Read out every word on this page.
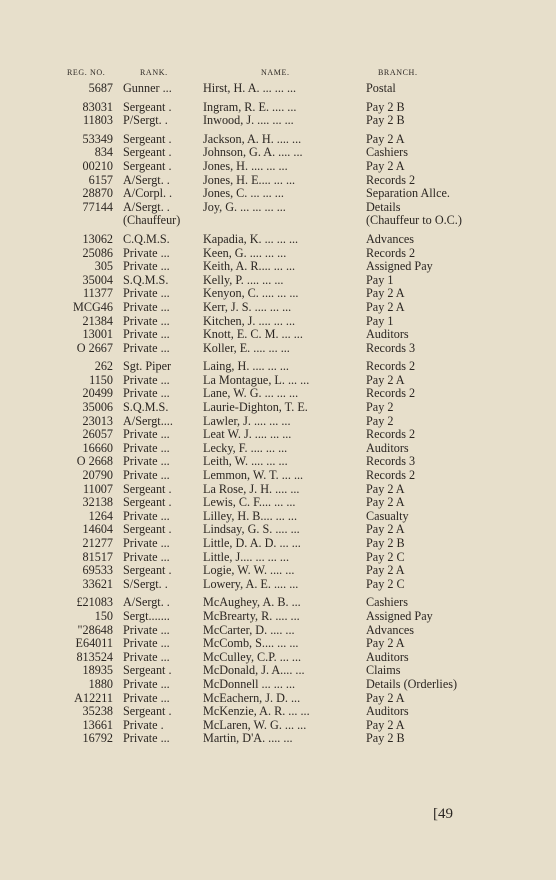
REG. NO.	RANK.	NAME.	BRANCH.
5687 Gunner ...	Hirst, H. A. ... ... ...	Postal
83031 Sergeant .	Ingram, R. E. .... ...	Pay 2 B
11803 P/Sergt. .	Inwood, J. .... ... ...	Pay 2 B
53349 Sergeant .	Jackson, A. H. .... ...	Pay 2 A
834 Sergeant .	Johnson, G. A. .... ...	Cashiers
00210 Sergeant .	Jones, H. .... ... ...	Pay 2 A
6157 A/Sergt. .	Jones, H. E.... ... ...	Records 2
28870 A/Corpl. .	Jones, C. ... ... ...	Separation Allce.
77144 A/Sergt. .	Joy, G. ... ... ... ...	Details
(Chauffeur)	(Chauffeur to O.C.)
13062 C.Q.M.S.	Kapadia, K. ... ... ...	Advances
25086 Private ...	Keen, G. .... ... ...	Records 2
305 Private ...	Keith, A. R.... ... ...	Assigned Pay
35004 S.Q.M.S.	Kelly, P. .... ... ...	Pay 1
11377 Private ...	Kenyon, C. .... ... ...	Pay 2 A
MCG46 Private ...	Kerr, J. S. .... ... ...	Pay 2 A
21384 Private ...	Kitchen, J. .... ... ...	Pay 1
13001 Private ...	Knott, E. C. M. ... ...	Auditors
O 2667 Private ...	Koller, E. .... ... ...	Records 3
262 Sgt. Piper	Laing, H. .... ... ...	Records 2
1150 Private ...	La Montague, L. ... ...	Pay 2 A
20499 Private ...	Lane, W. G. ... ... ...	Records 2
35006 S.Q.M.S.	Laurie-Dighton, T. E.	Pay 2
23013 A/Sergt.... Lawler, J. .... ... ...	Pay 2
26057 Private ...	Leat W. J. .... ... ...	Records 2
16660 Private ...	Lecky, F. .... ... ...	Auditors
O 2668 Private ...	Leith, W. .... ... ...	Records 3
20790 Private ...	Lemmon, W. T. ... ...	Records 2
11007 Sergeant .	La Rose, J. H. .... ...	Pay 2 A
32138 Sergeant .	Lewis, C. F.... ... ...	Pay 2 A
1264 Private ...	Lilley, H. B.... ... ...	Casualty
14604 Sergeant .	Lindsay, G. S. .... ...	Pay 2 A
21277 Private ...	Little, D. A. D. ... ...	Pay 2 B
81517 Private ...	Little, J.... ... ... ...	Pay 2 C
69533 Sergeant .	Logie, W. W. .... ...	Pay 2 A
33621 S/Sergt. .	Lowery, A. E. .... ...	Pay 2 C
£21083 A/Sergt. .	McAughey, A. B. ...	Cashiers
150 Sergt.......	McBrearty, R. .... ...	Assigned Pay
"28648 Private ...	McCarter, D. .... ...	Advances
E64011 Private ...	McComb, S.... ... ...	Pay 2 A
813524 Private ...	McCulley, C.P. ... ...	Auditors
18935 Sergeant .	McDonald, J. A.... ...	Claims
1880 Private ...	McDonnell ... ... ...	Details (Orderlies)
A12211 Private ...	McEachern, J. D. ...	Pay 2 A
35238 Sergeant .	McKenzie, A. R. ... ...	Auditors
13661 Private .	McLaren, W. G. ... ...	Pay 2 A
16792 Private ...	Martin, D'A. .... ...	Pay 2 B
[49
